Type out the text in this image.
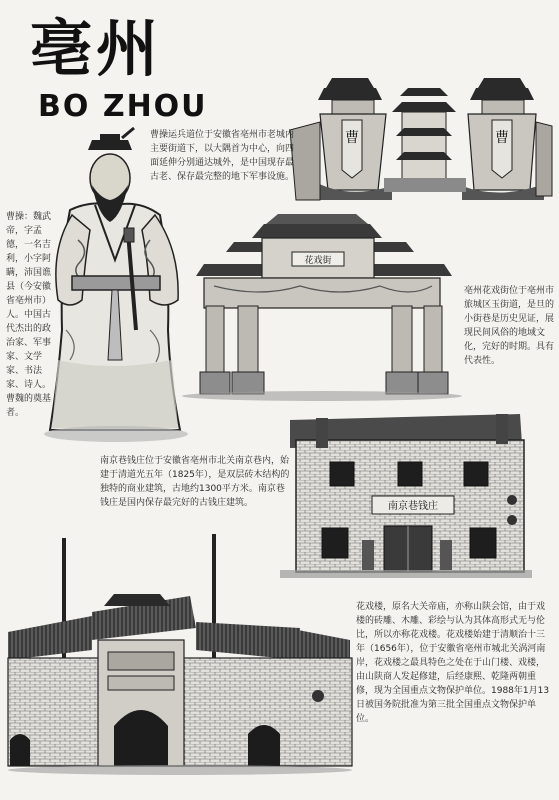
亳州
BO ZHOU
曹	曹
花戏街
南京巷钱庄
曹操运兵道位于安徽省亳州市老城内主要街道下，以大隅首为中心，向四面延伸分别通达城外，是中国现存最古老、保存最完整的地下军事设施。
曹操：魏武帝，字孟德，一名吉利，小字阿瞒，沛国谯县（今安徽省亳州市）人。中国古代杰出的政治家、军事家、文学家、书法家、诗人。曹魏的奠基者。
亳州花戏街位于亳州市旅城区玉街道，是旦的小街巷是历史见证，展现民间风俗的地域文化，完好的时期。具有代表性。
南京巷钱庄位于安徽省亳州市北关南京巷内，始建于清道光五年（1825年），是双层砖木结构的独特的商业建筑，古地约1300平方米。南京巷钱庄是国内保存最完好的古钱庄建筑。
花戏楼，原名大关帝庙，亦称山陕会馆，由于戏楼的砖雕、木雕、彩绘与认为其体高形式无与伦比，所以亦称花戏楼。花戏楼始建于清顺治十三年（1656年），位于安徽省亳州市城北关涡河南岸，花戏楼之最具特色之处在于山门楼、戏楼，由山陕商人发起修建，后经康熙、乾隆两朝重修，现为全国重点文物保护单位。1988年1月13日被国务院批准为第三批全国重点文物保护单位。
